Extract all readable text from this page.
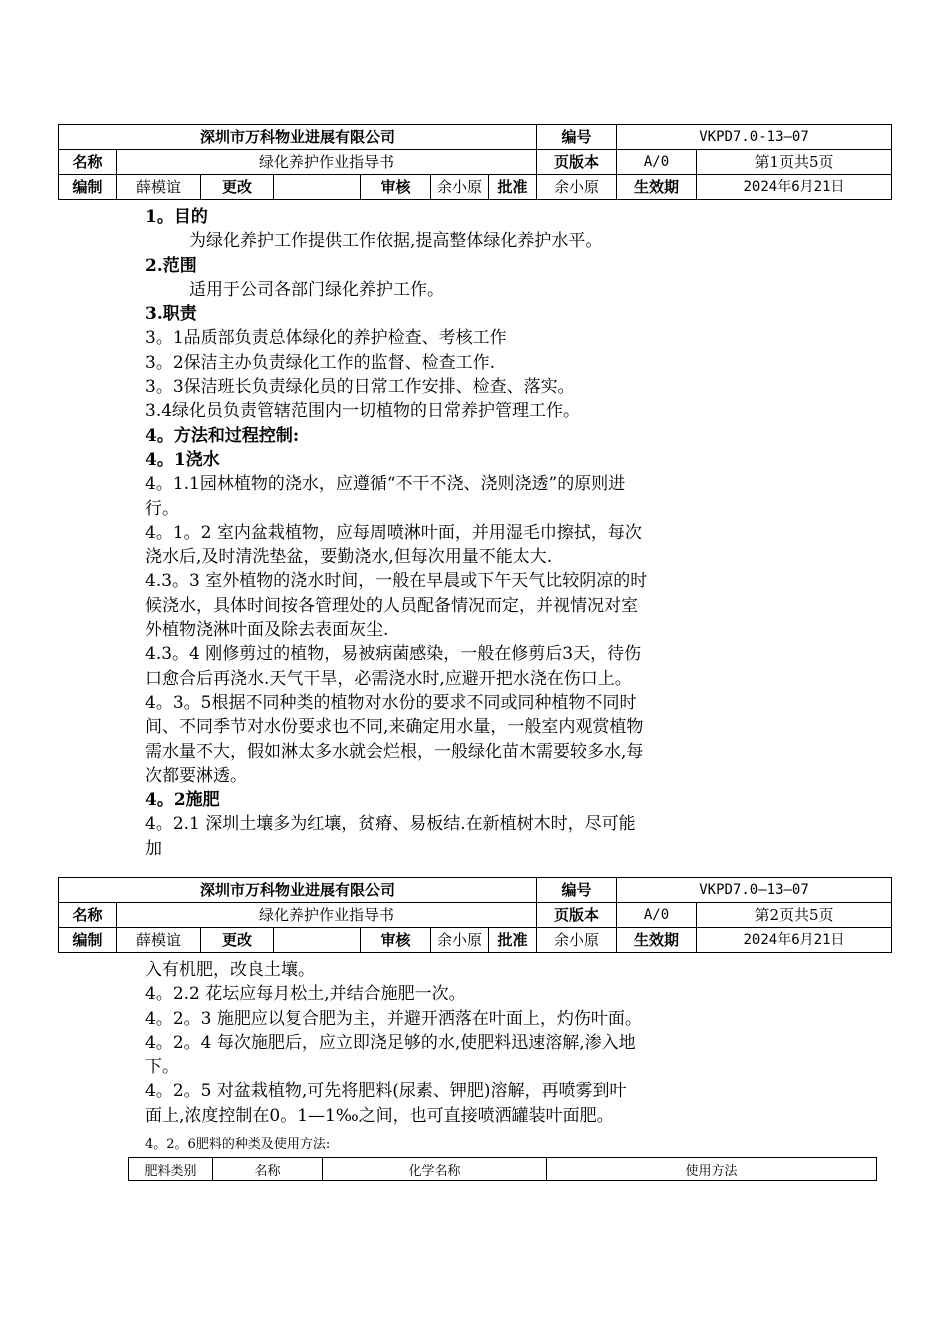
深圳市万科物业进展有限公司							编号	VKPD7.0-13—07	
名称	绿化养护作业指导书						页版本	A/0	第1页共5页
编制	薛模谊	更改		审核	余小原	批准	余小原	生效期	2024年6月21日

1。目的

为绿化养护工作提供工作依据,提高整体绿化养护水平。

2.范围

适用于公司各部门绿化养护工作。

3.职责

3。1品质部负责总体绿化的养护检查、考核工作

3。2保洁主办负责绿化工作的监督、检查工作.

3。3保洁班长负责绿化员的日常工作安排、检查、落实。

3.4绿化员负责管辖范围内一切植物的日常养护管理工作。

4。方法和过程控制:

4。1浇水

4。1.1园林植物的浇水，应遵循“不干不浇、浇则浇透”的原则进

行。

4。1。2 室内盆栽植物，应每周喷淋叶面，并用湿毛巾擦拭，每次

浇水后,及时清洗垫盆，要勤浇水,但每次用量不能太大.

4.3。3 室外植物的浇水时间，一般在早晨或下午天气比较阴凉的时

候浇水，具体时间按各管理处的人员配备情况而定，并视情况对室

外植物浇淋叶面及除去表面灰尘.

4.3。4 刚修剪过的植物，易被病菌感染，一般在修剪后3天，待伤

口愈合后再浇水.天气干旱，必需浇水时,应避开把水浇在伤口上。

4。3。5根据不同种类的植物对水份的要求不同或同种植物不同时

间、不同季节对水份要求也不同,来确定用水量，一般室内观赏植物

需水量不大，假如淋太多水就会烂根，一般绿化苗木需要较多水,每

次都要淋透。

4。2施肥

4。2.1 深圳土壤多为红壤，贫瘠、易板结.在新植树木时，尽可能

加

深圳市万科物业进展有限公司							编号	VKPD7.0—13—07	
名称	绿化养护作业指导书						页版本	A/0	第2页共5页
编制	薛模谊	更改		审核	余小原	批准	余小原	生效期	2024年6月21日

入有机肥，改良土壤。

4。2.2 花坛应每月松土,并结合施肥一次。

4。2。3 施肥应以复合肥为主，并避开洒落在叶面上，灼伤叶面。

4。2。4 每次施肥后，应立即浇足够的水,使肥料迅速溶解,渗入地

下。

4。2。5 对盆栽植物,可先将肥料(尿素、钾肥)溶解，再喷雾到叶

面上,浓度控制在0。1—1‰之间，也可直接喷洒罐装叶面肥。

4。2。6肥料的种类及使用方法:
肥料类别	名称	化学名称	使用方法
